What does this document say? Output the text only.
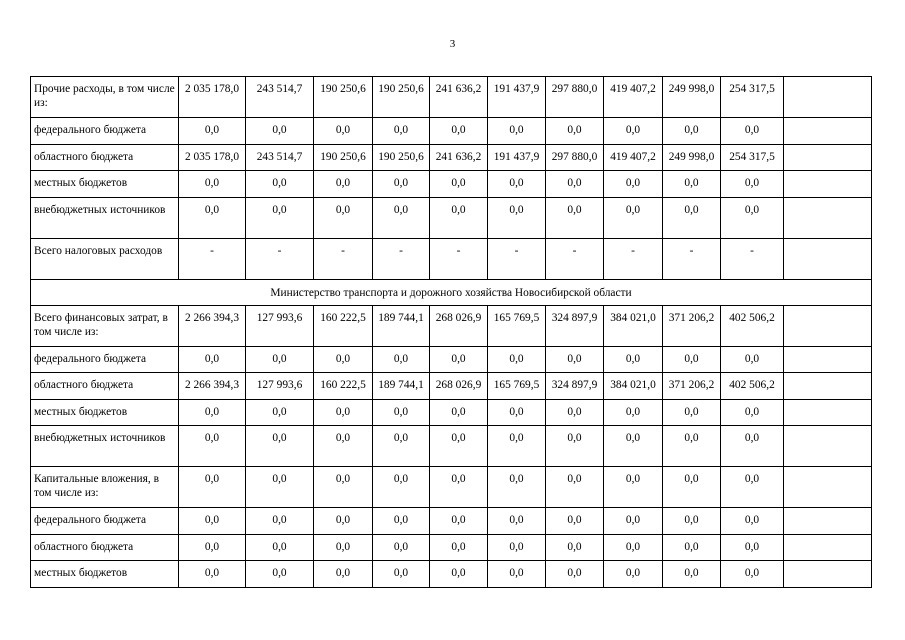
3
Прочие расходы, в том числе из:	2 035 178,0	243 514,7	190 250,6	190 250,6	241 636,2	191 437,9	297 880,0	419 407,2	249 998,0	254 317,5	
федерального бюджета	0,0	0,0	0,0	0,0	0,0	0,0	0,0	0,0	0,0	0,0	
областного бюджета	2 035 178,0	243 514,7	190 250,6	190 250,6	241 636,2	191 437,9	297 880,0	419 407,2	249 998,0	254 317,5	
местных бюджетов	0,0	0,0	0,0	0,0	0,0	0,0	0,0	0,0	0,0	0,0	
внебюджетных источников	0,0	0,0	0,0	0,0	0,0	0,0	0,0	0,0	0,0	0,0	
Всего налоговых расходов	-	-	-	-	-	-	-	-	-	-	
Министерство транспорта и дорожного хозяйства Новосибирской области											
Всего финансовых затрат, в том числе из:	2 266 394,3	127 993,6	160 222,5	189 744,1	268 026,9	165 769,5	324 897,9	384 021,0	371 206,2	402 506,2	
федерального бюджета	0,0	0,0	0,0	0,0	0,0	0,0	0,0	0,0	0,0	0,0	
областного бюджета	2 266 394,3	127 993,6	160 222,5	189 744,1	268 026,9	165 769,5	324 897,9	384 021,0	371 206,2	402 506,2	
местных бюджетов	0,0	0,0	0,0	0,0	0,0	0,0	0,0	0,0	0,0	0,0	
внебюджетных источников	0,0	0,0	0,0	0,0	0,0	0,0	0,0	0,0	0,0	0,0	
Капитальные вложения, в том числе из:	0,0	0,0	0,0	0,0	0,0	0,0	0,0	0,0	0,0	0,0	
федерального бюджета	0,0	0,0	0,0	0,0	0,0	0,0	0,0	0,0	0,0	0,0	
областного бюджета	0,0	0,0	0,0	0,0	0,0	0,0	0,0	0,0	0,0	0,0	
местных бюджетов	0,0	0,0	0,0	0,0	0,0	0,0	0,0	0,0	0,0	0,0	
